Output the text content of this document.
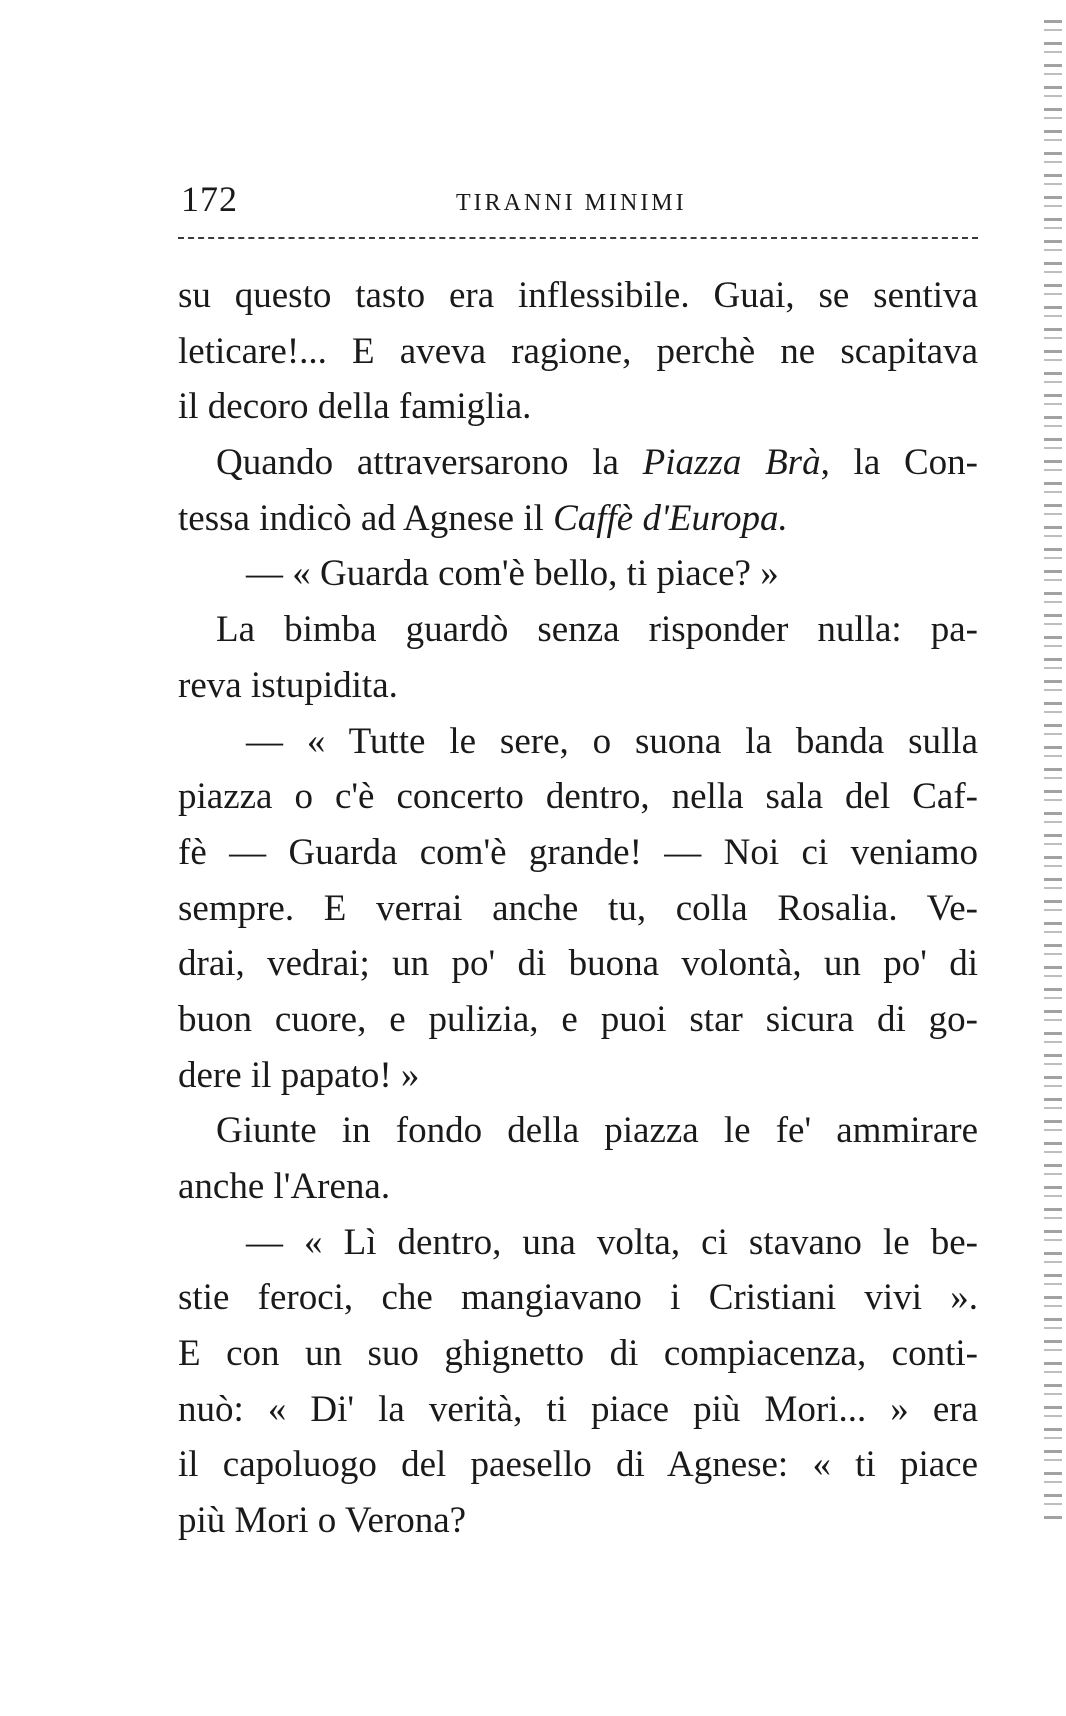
172	TIRANNI MINIMI
su questo tasto era inflessibile. Guai, se sentiva
leticare!... E aveva ragione, perchè ne scapitava
il decoro della famiglia.
Quando attraversarono la Piazza Brà, la Con-
tessa indicò ad Agnese il Caffè d'Europa.
— « Guarda com'è bello, ti piace? »
La bimba guardò senza risponder nulla: pa-
reva istupidita.
— « Tutte le sere, o suona la banda sulla
piazza o c'è concerto dentro, nella sala del Caf-
fè — Guarda com'è grande! — Noi ci veniamo
sempre. E verrai anche tu, colla Rosalia. Ve-
drai, vedrai; un po' di buona volontà, un po' di
buon cuore, e pulizia, e puoi star sicura di go-
dere il papato! »
Giunte in fondo della piazza le fe' ammirare
anche l'Arena.
— « Lì dentro, una volta, ci stavano le be-
stie feroci, che mangiavano i Cristiani vivi ».
E con un suo ghignetto di compiacenza, conti-
nuò: « Di' la verità, ti piace più Mori... » era
il capoluogo del paesello di Agnese: « ti piace
più Mori o Verona?
